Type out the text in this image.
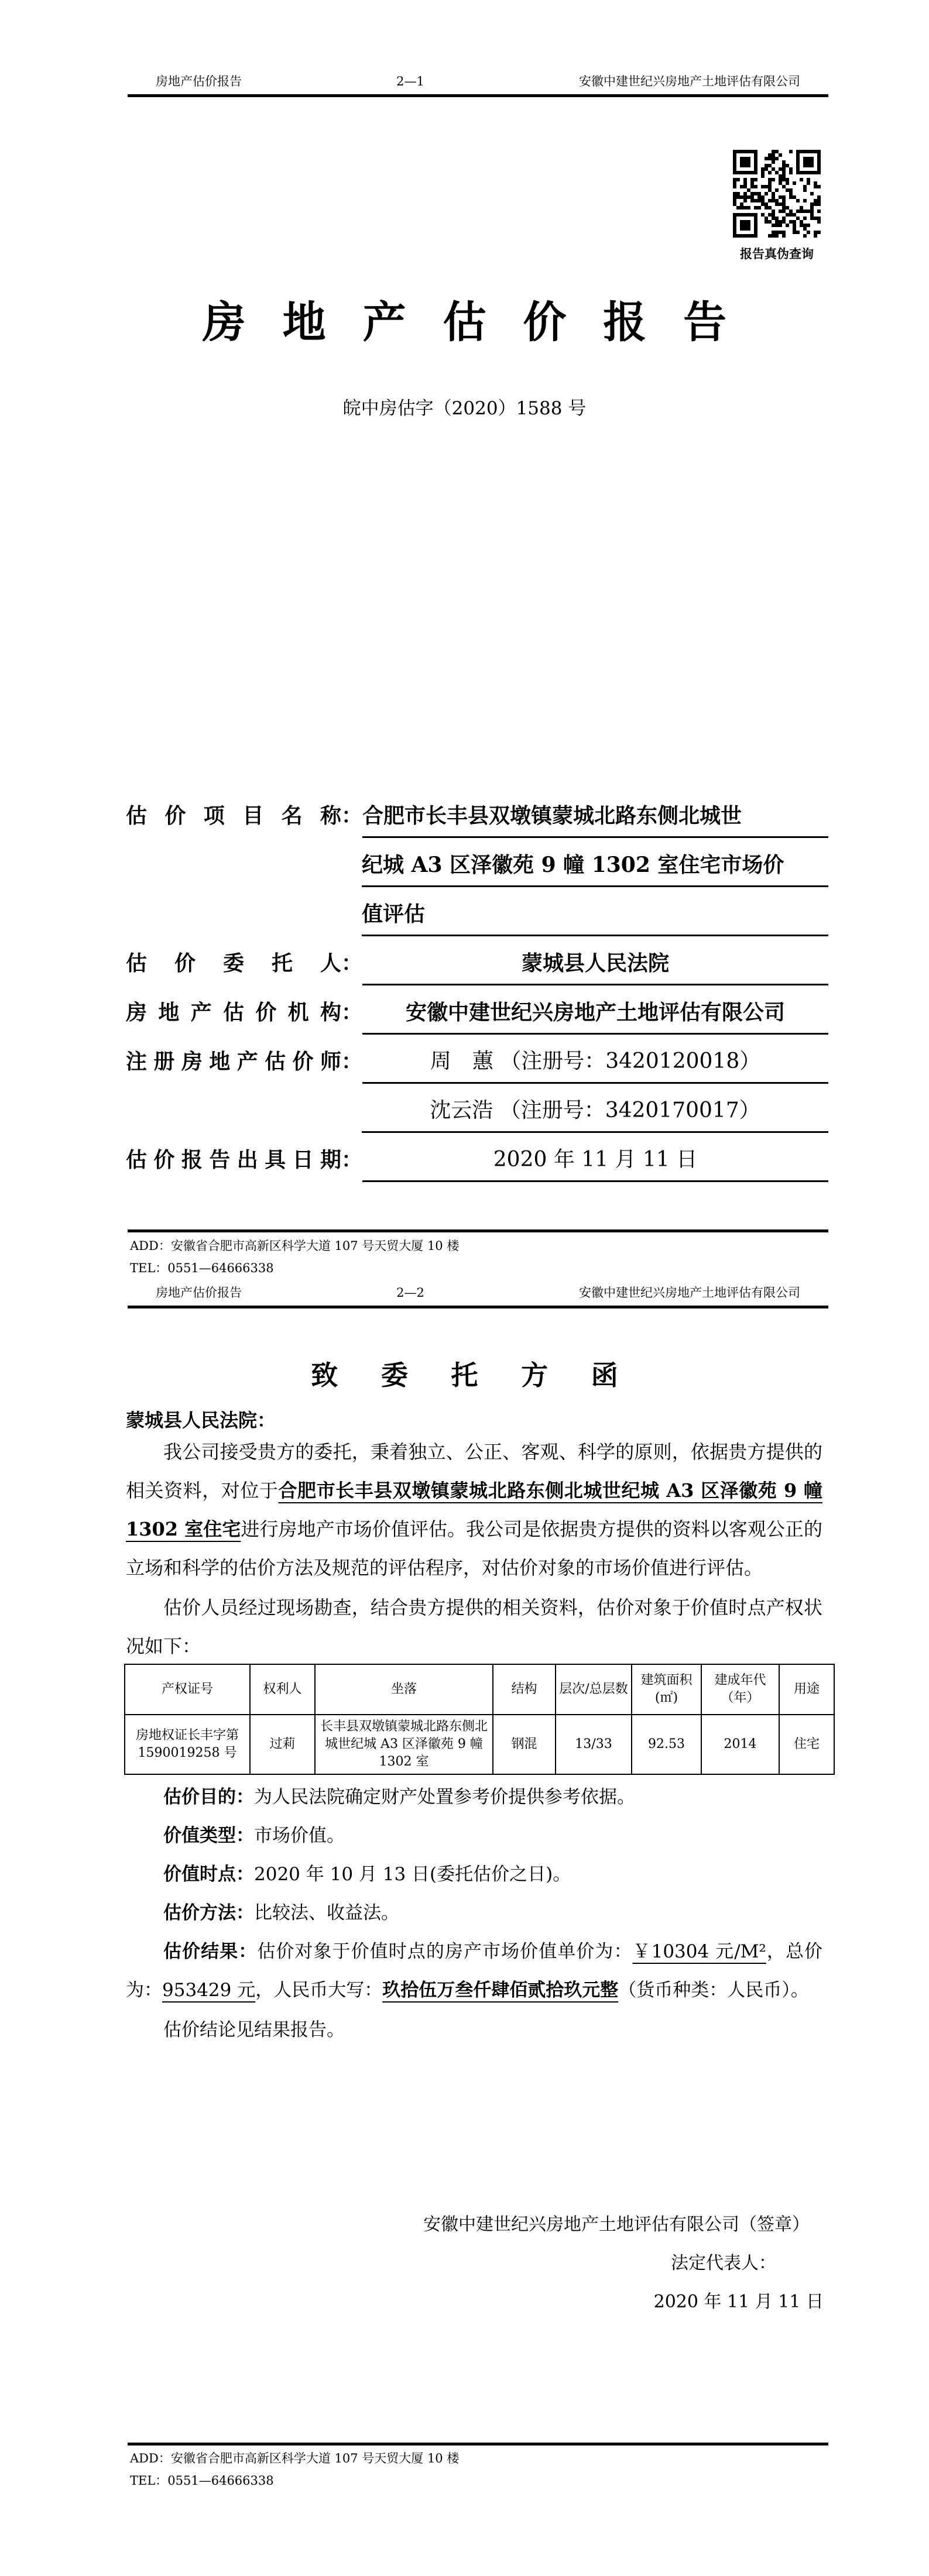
房地产估价报告	2—1	安徽中建世纪兴房地产土地评估有限公司
报告真伪查询
房地产估价报告
皖中房估字（2020）1588 号
估价项目名称 ： 合肥市长丰县双墩镇蒙城北路东侧北城世
纪城 A3 区泽徽苑 9 幢 1302 室住宅市场价
值评估
估价委托人 ：	蒙城县人民法院
房地产估价机构 ：	安徽中建世纪兴房地产土地评估有限公司
注册房地产估价师 ：	周　蕙 （注册号：3420120018）
沈云浩 （注册号：3420170017）
估价报告出具日期 ：	2020 年 11 月 11 日
ADD：安徽省合肥市高新区科学大道 107 号天贸大厦 10 楼
TEL：0551—64666338
房地产估价报告	2—2	安徽中建世纪兴房地产土地评估有限公司
致委托方函
蒙城县人民法院：

我公司接受贵方的委托，秉着独立、公正、客观、科学的原则，依据贵方提供的相关资料，对位于合肥市长丰县双墩镇蒙城北路东侧北城世纪城 A3 区泽徽苑 9 幢 1302 室住宅进行房地产市场价值评估。我公司是依据贵方提供的资料以客观公正的立场和科学的估价方法及规范的评估程序，对估价对象的市场价值进行评估。

估价人员经过现场勘查，结合贵方提供的相关资料，估价对象于价值时点产权状况如下：

产权证号	权利人	坐落	结构	层次/总层数	建筑面积(㎡)	建成年代（年）	用途
房地权证长丰字第 1590019258 号	过莉	长丰县双墩镇蒙城北路东侧北城世纪城 A3 区泽徽苑 9 幢 1302 室	钢混	13/33	92.53	2014	住宅
估价目的：为人民法院确定财产处置参考价提供参考依据。
价值类型：市场价值。
价值时点：2020 年 10 月 13 日(委托估价之日)。
估价方法：比较法、收益法。

估价结果：估价对象于价值时点的房产市场价值单价为：￥10304 元/M²，总价为：953429 元，人民币大写：玖拾伍万叁仟肆佰贰拾玖元整（货币种类：人民币）。

估价结论见结果报告。

安徽中建世纪兴房地产土地评估有限公司（签章）
法定代表人：
2020 年 11 月 11 日
ADD：安徽省合肥市高新区科学大道 107 号天贸大厦 10 楼
TEL：0551—64666338
